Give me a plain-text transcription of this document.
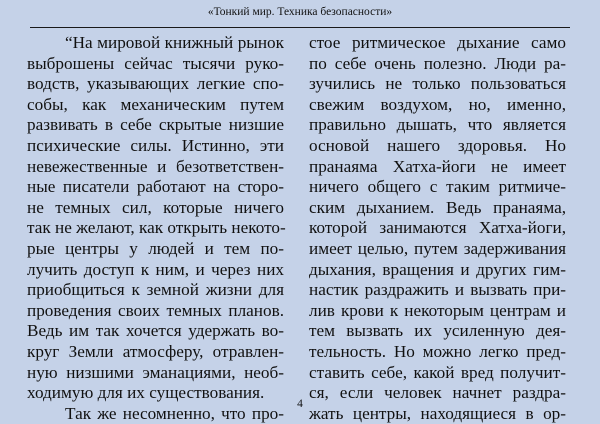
«Тонкий мир. Техника безопасности»
“На мировой книжный рынок
выброшены сейчас тысячи руко-
водств, указывающих легкие спо-
собы, как механическим путем
развивать в себе скрытые низшие
психические силы. Истинно, эти
невежественные и безответствен-
ные писатели работают на сторо-
не темных сил, которые ничего
так не желают, как открыть некото-
рые центры у людей и тем по-
лучить доступ к ним, и через них
приобщиться к земной жизни для
проведения своих темных планов.
Ведь им так хочется удержать во-
круг Земли атмосферу, отравлен-
ную низшими эманациями, необ-
ходимую для их существования.
Так же несомненно, что про-
стое ритмическое дыхание само
по себе очень полезно. Люди ра-
зучились не только пользоваться
свежим воздухом, но, именно,
правильно дышать, что является
основой нашего здоровья. Но
пранаяма Хатха-йоги не имеет
ничего общего с таким ритмиче-
ским дыханием. Ведь пранаяма,
которой занимаются Хатха-йоги,
имеет целью, путем задерживания
дыхания, вращения и других гим-
настик раздражить и вызвать при-
лив крови к некоторым центрам и
тем вызвать их усиленную дея-
тельность. Но можно легко пред-
ставить себе, какой вред получит-
ся, если человек начнет раздра-
жать центры, находящиеся в ор-
4
